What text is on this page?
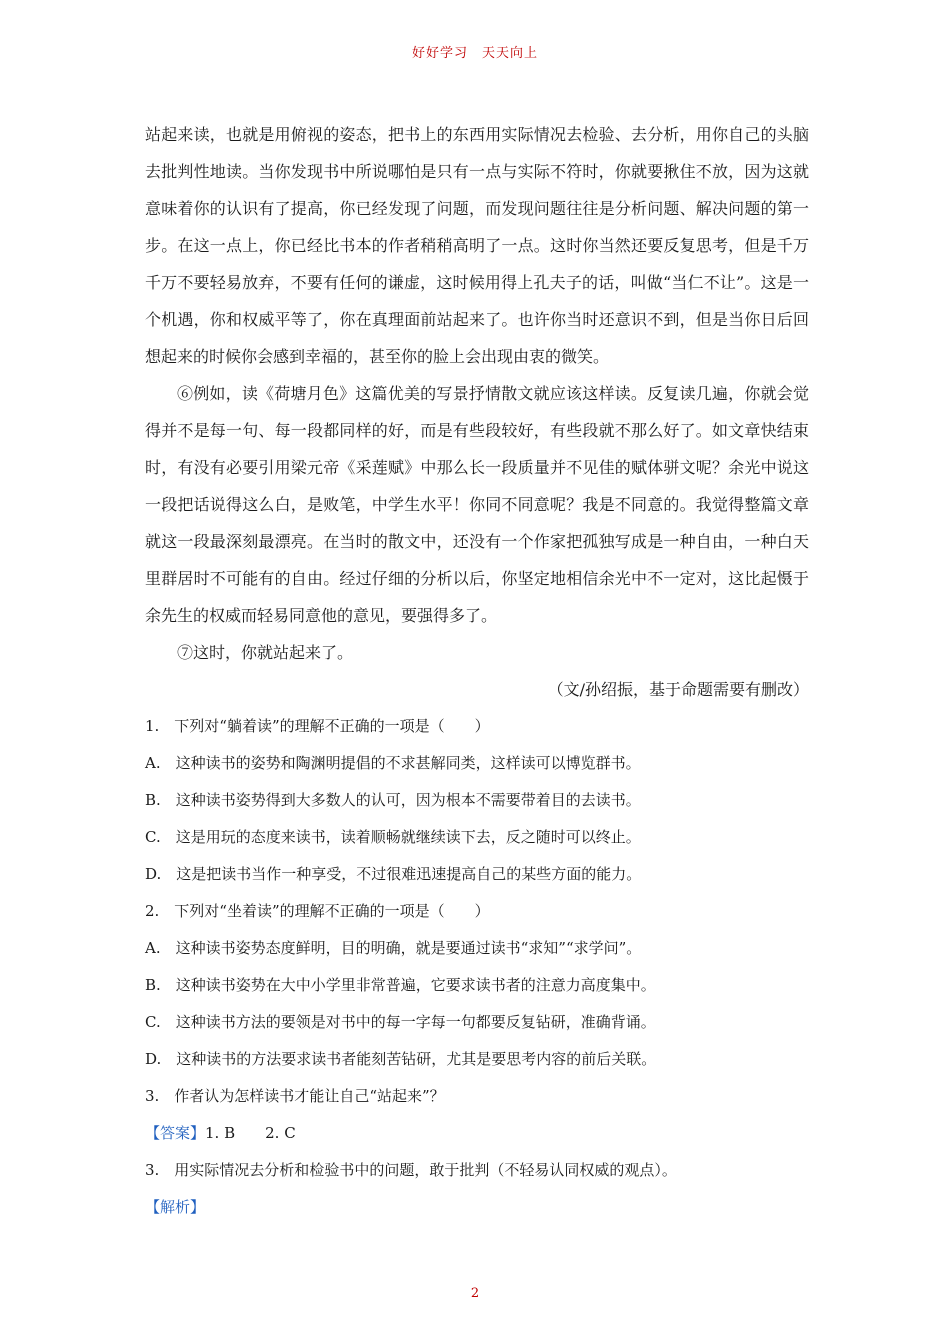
好好学习　天天向上

站起来读，也就是用俯视的姿态，把书上的东西用实际情况去检验、去分析，用你自己的头脑去批判性地读。当你发现书中所说哪怕是只有一点与实际不符时，你就要揪住不放，因为这就意味着你的认识有了提高，你已经发现了问题，而发现问题往往是分析问题、解决问题的第一步。在这一点上，你已经比书本的作者稍稍高明了一点。这时你当然还要反复思考，但是千万千万不要轻易放弃，不要有任何的谦虚，这时候用得上孔夫子的话，叫做“当仁不让”。这是一个机遇，你和权威平等了，你在真理面前站起来了。也许你当时还意识不到，但是当你日后回想起来的时候你会感到幸福的，甚至你的脸上会出现由衷的微笑。

⑥例如，读《荷塘月色》这篇优美的写景抒情散文就应该这样读。反复读几遍，你就会觉得并不是每一句、每一段都同样的好，而是有些段较好，有些段就不那么好了。如文章快结束时，有没有必要引用梁元帝《采莲赋》中那么长一段质量并不见佳的赋体骈文呢？余光中说这一段把话说得这么白，是败笔，中学生水平！你同不同意呢？我是不同意的。我觉得整篇文章就这一段最深刻最漂亮。在当时的散文中，还没有一个作家把孤独写成是一种自由，一种白天里群居时不可能有的自由。经过仔细的分析以后，你坚定地相信余光中不一定对，这比起慑于余先生的权威而轻易同意他的意见，要强得多了。

⑦这时，你就站起来了。

（文/孙绍振，基于命题需要有删改）

1.　下列对“躺着读”的理解不正确的一项是（　　）

A.　这种读书的姿势和陶渊明提倡的不求甚解同类，这样读可以博览群书。

B.　这种读书姿势得到大多数人的认可，因为根本不需要带着目的去读书。

C.　这是用玩的态度来读书，读着顺畅就继续读下去，反之随时可以终止。

D.　这是把读书当作一种享受，不过很难迅速提高自己的某些方面的能力。

2.　下列对“坐着读”的理解不正确的一项是（　　）

A.　这种读书姿势态度鲜明，目的明确，就是要通过读书“求知”“求学问”。

B.　这种读书姿势在大中小学里非常普遍，它要求读书者的注意力高度集中。

C.　这种读书方法的要领是对书中的每一字每一句都要反复钻研，准确背诵。

D.　这种读书的方法要求读书者能刻苦钻研，尤其是要思考内容的前后关联。

3.　作者认为怎样读书才能让自己“站起来”？

【答案】1. B　　2. C

3.　用实际情况去分析和检验书中的问题，敢于批判（不轻易认同权威的观点）。

【解析】

2
